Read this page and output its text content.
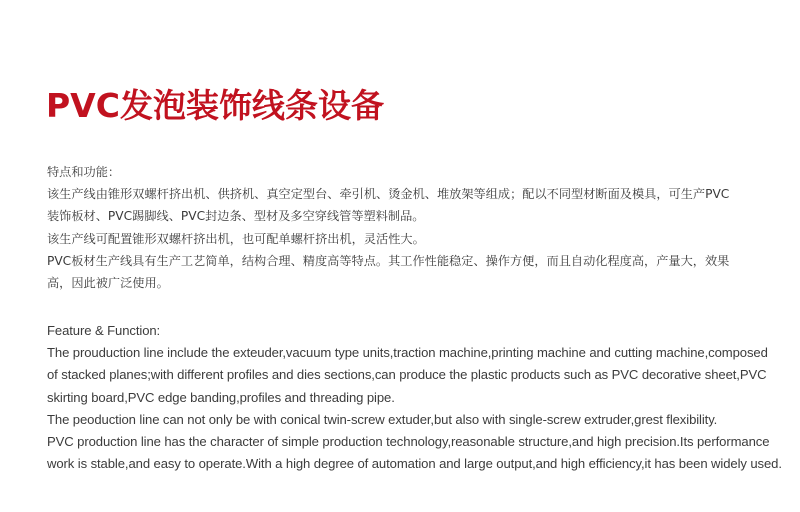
PVC发泡装饰线条设备

特点和功能：

该生产线由锥形双螺杆挤出机、供挤机、真空定型台、牵引机、烫金机、堆放架等组成；配以不同型材断面及模具，可生产PVC

装饰板材、PVC踢脚线、PVC封边条、型材及多空穿线管等塑料制品。

该生产线可配置锥形双螺杆挤出机，也可配单螺杆挤出机，灵活性大。

PVC板材生产线具有生产工艺简单，结构合理、精度高等特点。其工作性能稳定、操作方便，而且自动化程度高，产量大，效果

高，因此被广泛使用。

Feature & Function:

The prouduction line include the exteuder,vacuum type units,traction machine,printing machine and cutting machine,composed

of stacked planes;with different profiles and dies sections,can produce the plastic products such as PVC decorative sheet,PVC

skirting board,PVC edge banding,profiles and threading pipe.

The peoduction line can not only be with conical twin-screw extuder,but also with single-screw extruder,grest flexibility.

PVC production line has the character of simple production technology,reasonable structure,and high precision.Its performance

work is stable,and easy to operate.With a high degree of automation and large output,and high efficiency,it has been widely used.
